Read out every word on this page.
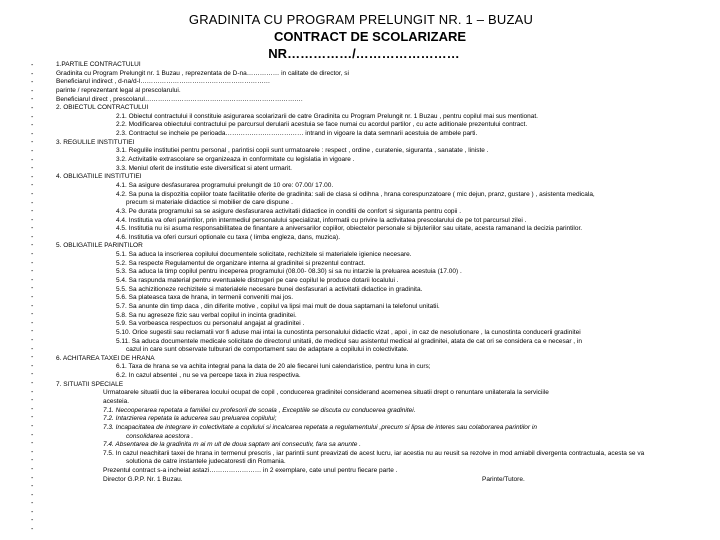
GRADINITA CU PROGRAM PRELUNGIT NR. 1 – BUZAU
CONTRACT DE SCOLARIZARE
NR……………/……………………
-
-
-
-
-
-
-
-
-
-
-
-
-
-
-
-
-
-
-
-
-
-
-
-
-
-
-
-
-
-
-
-
-
-
-
-
-
-
-
-
-
-
-
-
-
-
-
-
-
-
-
-
-
-
-
1.PARTILE CONTRACTULUI
Gradinita cu Program Prelungit nr. 1 Buzau , reprezentata de D-na…………… in calitate de director, si
Beneficiarul indirect , d-na/d-l……………………………………………………
parinte / reprezentant legal al prescolarului.
Beneficiarul direct , prescolarul……………………………………………………………….
2. OBIECTUL CONTRACTULUI
2.1. Obiectul contractului il constituie asigurarea scolarizarii de catre Gradinita cu Program Prelungit nr. 1 Buzau , pentru copilul mai sus mentionat.
2.2. Modificarea obiectului contractului pe parcursul derularii acestuia se face numai cu acordul partilor , cu acte aditionale prezentului contract.
2.3. Contractul se incheie pe perioada……………………………… intrand in vigoare la data semnarii acestuia de ambele parti.
3. REGULILE INSTITUTIEI
3.1. Regulile institutiei pentru personal , parintisi copii sunt urmatoarele : respect , ordine , curatenie, siguranta , sanatate , liniste .
3.2. Activitatile extrascolare se organizeaza in conformitate cu legislatia in vigoare .
3.3. Meniul oferit de institutie este diversificat si atent urmarit.
4. OBLIGATIILE INSTITUTIEI
4.1. Sa asigure desfasurarea programului prelungit de 10 ore: 07.00/ 17.00.
4.2. Sa puna la dispozitia copiilor toate facilitatile oferite de gradinita: sali de clasa si odihna , hrana corespunzatoare ( mic dejun, pranz, gustare ) , asistenta medicala,
precum si materiale didactice si mobilier de care dispune .
4.3. Pe durata programului sa se asigure desfasurarea activitatii didactice in conditii de confort si siguranta pentru copii .
4.4. Institutia va oferi parintilor, prin intermediul personalului specializat, informatii cu privire la activitatea prescolarului de pe tot parcursul zilei .
4.5. Institutia nu isi asuma responsabilitatea de finantare a aniversarilor copiilor, obiectelor personale si bijuteriilor sau uitate, acesta ramanand la decizia parintilor.
4.6. Institutia va oferi cursuri optionale cu taxa ( limba engleza, dans, muzica).
5. OBLIGATIILE PARINTILOR
5.1. Sa aduca la inscrierea copilului documentele solicitate, rechizitele si materialele igienice necesare.
5.2. Sa respecte Regulamentul de organizare interna al gradinitei si prezentul contract.
5.3. Sa aduca la timp copilul pentru inceperea programului (08.00- 08.30) si sa nu intarzie la preluarea acestuia (17.00) .
5.4. Sa raspunda material pentru eventualele distrugeri pe care copilul le produce dotarii localului .
5.5. Sa achizitioneze rechizitele si materialele necesare bunei desfasurari a activitatii didactice in gradinita.
5.6. Sa plateasca taxa de hrana, in termenii conveniti mai jos.
5.7. Sa anunte din timp daca , din diferite motive , copilul va lipsi mai mult de doua saptamani la telefonul unitatii.
5.8. Sa nu agreseze fizic sau verbal copilul in incinta gradinitei.
5.9. Sa vorbeasca respectuos cu personalul angajat al gradinitei .
5.10. Orice sugestii sau reclamatii vor fi aduse mai intai la cunostinta personalului didactic vizat , apoi , in caz de nesolutionare , la cunostinta conducerii gradinitei
5.11. Sa aduca documentele medicale solicitate de directorul unitatii, de medicul sau asistentul medical al gradinitei, atata de cat ori se considera ca e necesar , in
cazul in care sunt observate tulburari de comportament sau de adaptare a copilului in colectivitate.
6. ACHITAREA TAXEI DE HRANA
6.1. Taxa de hrana se va achita integral pana la data de 20 ale fiecarei luni calendaristice, pentru luna in curs;
6.2. In cazul absentei , nu se va percepe taxa in ziua respectiva.
7. SITUATII SPECIALE
Urmatoarele situatii duc la eliberarea locului ocupat de copil , conducerea gradinitei considerand acemenea situatii drept o renuntare unilaterala la serviciile
acesteia.
7.1. Necooperarea repetata a familiei cu profesorii de scoala , Exceptiile se discuta cu conducerea gradinitei.
7.2. Intarzierea repetata la aducerea sau preluarea copilului;
7.3. Incapacitatea de integrare in colectivitate a copilului si incalcarea repetata a regulamentului ,precum si lipsa de interes sau colaborarea parintilor in
consolidarea acestora .
7.4. Absentarea de la gradinita m ai m ult de doua saptam ani consecutiv, fara sa anunte .
7.5. In cazul neachitarii taxei de hrana in termenul prescris , iar parintii sunt preavizati de acest lucru, iar acestia nu au reusit sa rezolve in mod amiabil divergenta contractuala, acesta se va
solutiona de catre instantele judecatoresti din Romania.
Prezentul contract s-a incheiat astazi…………………… in 2 exemplare, cate unul pentru fiecare parte .
Director G.P.P. Nr. 1 Buzau.	Parinte/Tutore.
